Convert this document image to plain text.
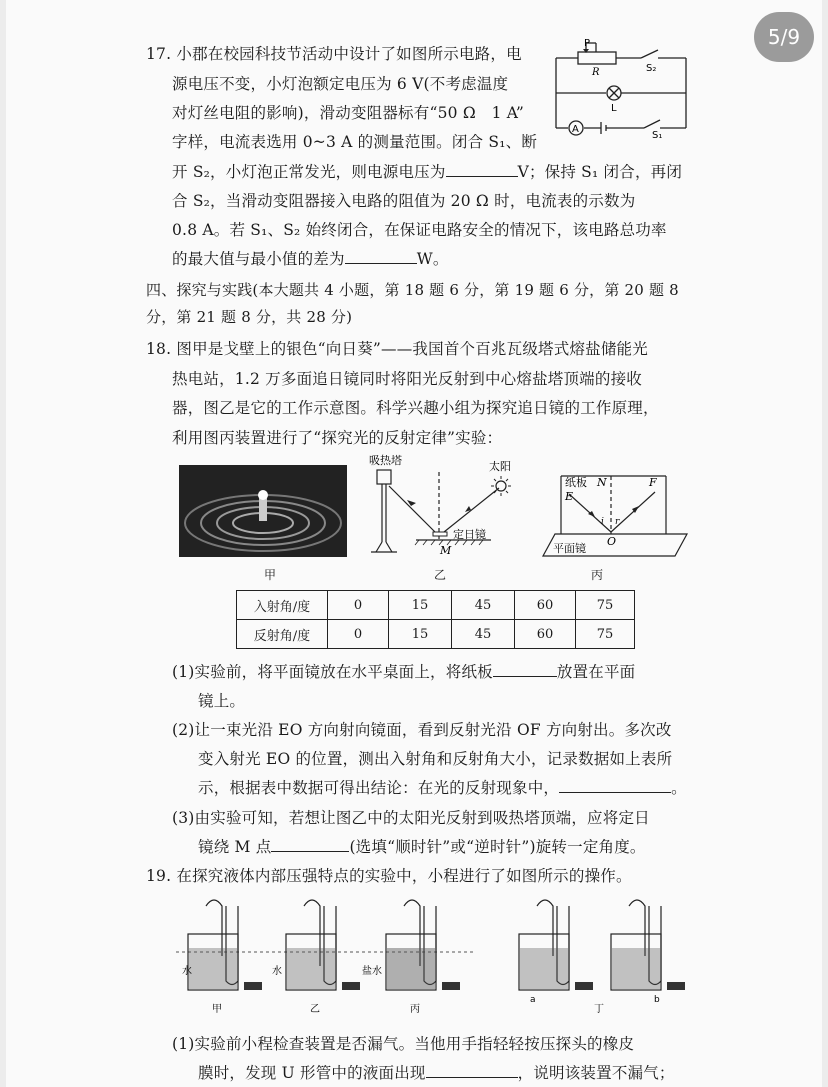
5/9
17. 小郡在校园科技节活动中设计了如图所示电路，电
源电压不变，小灯泡额定电压为 6 V(不考虑温度
对灯丝电阻的影响)，滑动变阻器标有“50 Ω　1 A”
字样，电流表选用 0~3 A 的测量范围。闭合 S₁、断
开 S₂，小灯泡正常发光，则电源电压为	V；保持 S₁ 闭合，再闭
合 S₂，当滑动变阻器接入电路的阻值为 20 Ω 时，电流表的示数为
0.8 A。若 S₁、S₂ 始终闭合，在保证电路安全的情况下，该电路总功率
的最大值与最小值的差为	W。
P
R	S₂
L
A
S₁
四、探究与实践(本大题共 4 小题，第 18 题 6 分，第 19 题 6 分，第 20 题 8
分，第 21 题 8 分，共 28 分)
18. 图甲是戈壁上的银色“向日葵”——我国首个百兆瓦级塔式熔盐储能光
热电站，1.2 万多面追日镜同时将阳光反射到中心熔盐塔顶端的接收
器，图乙是它的工作示意图。科学兴趣小组为探究追日镜的工作原理，
利用图丙装置进行了“探究光的反射定律”实验：
甲
吸热塔	太阳
定日镜
M
乙
纸板
E
N	F
i r
O
平面镜
丙
入射角/度	0	15	45	60	75
反射角/度	0	15	45	60	75
(1)实验前，将平面镜放在水平桌面上，将纸板	放置在平面
镜上。
(2)让一束光沿 EO 方向射向镜面，看到反射光沿 OF 方向射出。多次改
变入射光 EO 的位置，测出入射角和反射角大小，记录数据如上表所
示，根据表中数据可得出结论：在光的反射现象中，	。
(3)由实验可知，若想让图乙中的太阳光反射到吸热塔顶端，应将定日
镜绕 M 点	(选填“顺时针”或“逆时针”)旋转一定角度。
19. 在探究液体内部压强特点的实验中，小程进行了如图所示的操作。
水	水	盐水
甲	乙	丙
a
丁
b
(1)实验前小程检查装置是否漏气。当他用手指轻轻按压探头的橡皮
膜时，发现 U 形管中的液面出现	，说明该装置不漏气；
